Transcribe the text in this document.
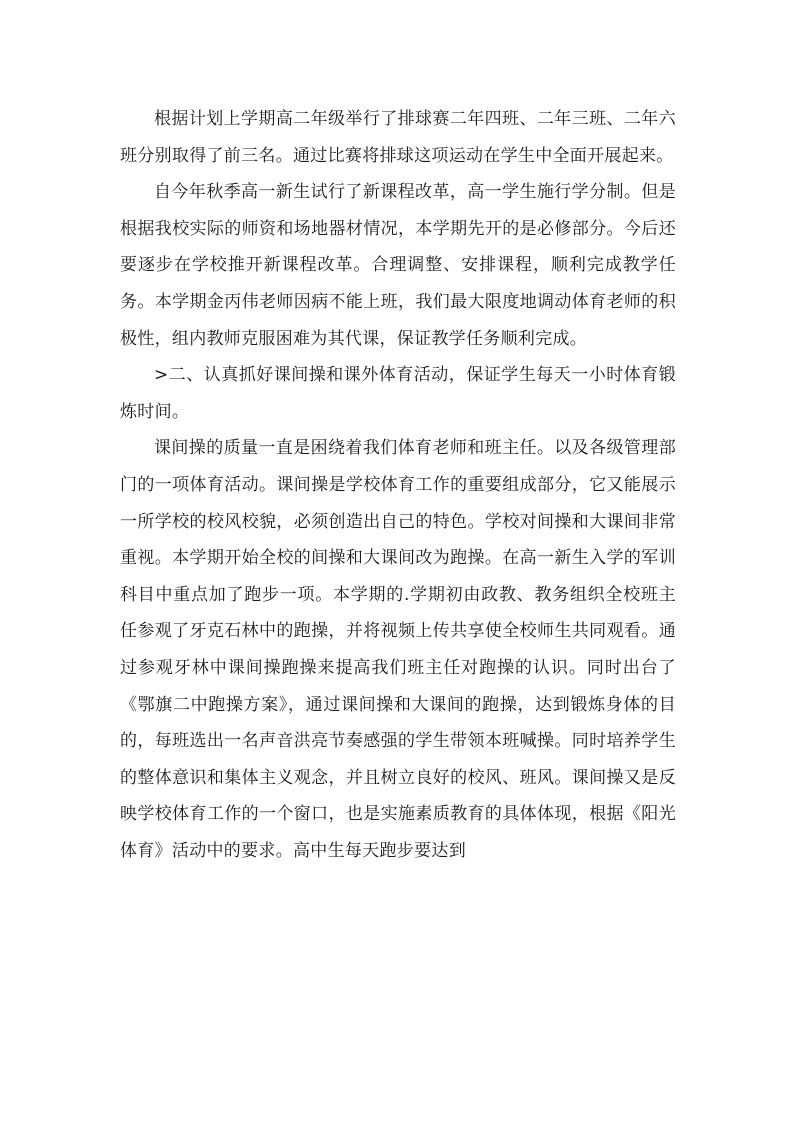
根据计划上学期高二年级举行了排球赛二年四班、二年三班、二年六班分别取得了前三名。通过比赛将排球这项运动在学生中全面开展起来。

自今年秋季高一新生试行了新课程改革，高一学生施行学分制。但是根据我校实际的师资和场地器材情况，本学期先开的是必修部分。今后还要逐步在学校推开新课程改革。合理调整、安排课程，顺利完成教学任务。本学期金丙伟老师因病不能上班，我们最大限度地调动体育老师的积极性，组内教师克服困难为其代课，保证教学任务顺利完成。

>二、认真抓好课间操和课外体育活动，保证学生每天一小时体育锻炼时间。

课间操的质量一直是困绕着我们体育老师和班主任。以及各级管理部门的一项体育活动。课间操是学校体育工作的重要组成部分，它又能展示一所学校的校风校貌，必须创造出自己的特色。学校对间操和大课间非常重视。本学期开始全校的间操和大课间改为跑操。在高一新生入学的军训科目中重点加了跑步一项。本学期的.学期初由政教、教务组织全校班主任参观了牙克石林中的跑操，并将视频上传共享使全校师生共同观看。通过参观牙林中课间操跑操来提高我们班主任对跑操的认识。同时出台了《鄂旗二中跑操方案》，通过课间操和大课间的跑操，达到锻炼身体的目的，每班选出一名声音洪亮节奏感强的学生带领本班喊操。同时培养学生的整体意识和集体主义观念，并且树立良好的校风、班风。课间操又是反映学校体育工作的一个窗口，也是实施素质教育的具体体现，根据《阳光体育》活动中的要求。高中生每天跑步要达到
